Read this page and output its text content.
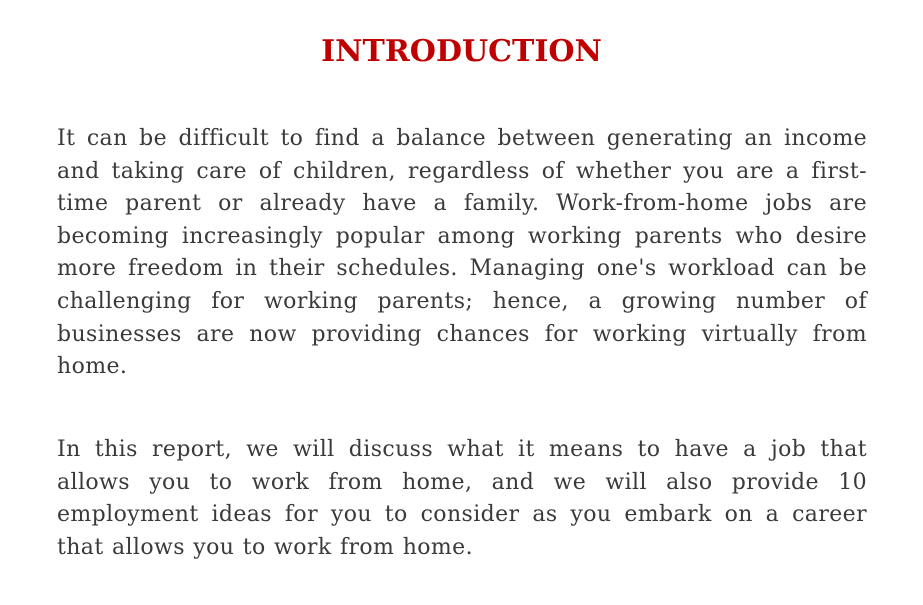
INTRODUCTION

It can be difficult to find a balance between generating an income and taking care of children, regardless of whether you are a first-time parent or already have a family. Work-from-home jobs are becoming increasingly popular among working parents who desire more freedom in their schedules. Managing one's workload can be challenging for working parents; hence, a growing number of businesses are now providing chances for working virtually from home.

In this report, we will discuss what it means to have a job that allows you to work from home, and we will also provide 10 employment ideas for you to consider as you embark on a career that allows you to work from home.
